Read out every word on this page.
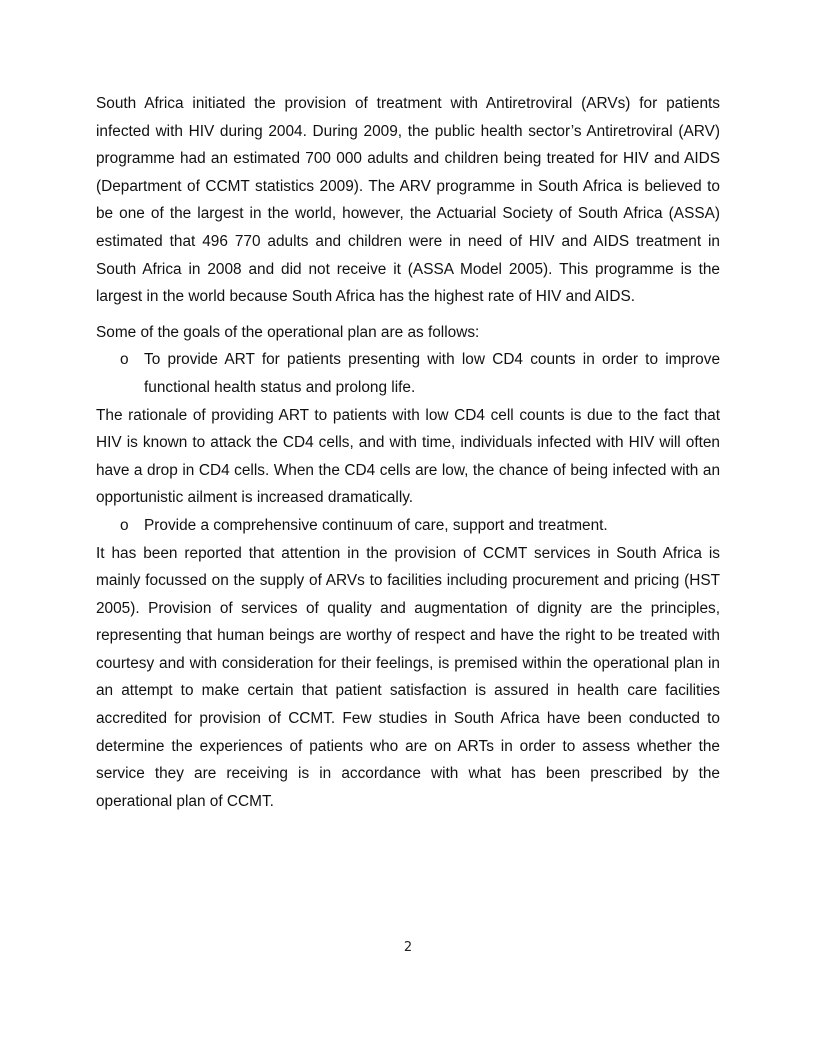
South Africa initiated the provision of treatment with Antiretroviral (ARVs) for patients infected with HIV during 2004. During 2009, the public health sector’s Antiretroviral (ARV) programme had an estimated 700 000 adults and children being treated for HIV and AIDS (Department of CCMT statistics 2009). The ARV programme in South Africa is believed to be one of the largest in the world, however, the Actuarial Society of South Africa (ASSA) estimated that 496 770 adults and children were in need of HIV and AIDS treatment in South Africa in 2008 and did not receive it (ASSA Model 2005). This programme is the largest in the world because South Africa has the highest rate of HIV and AIDS.

Some of the goals of the operational plan are as follows:

o To provide ART for patients presenting with low CD4 counts in order to improve functional health status and prolong life.

The rationale of providing ART to patients with low CD4 cell counts is due to the fact that HIV is known to attack the CD4 cells, and with time, individuals infected with HIV will often have a drop in CD4 cells. When the CD4 cells are low, the chance of being infected with an opportunistic ailment is increased dramatically.

o Provide a comprehensive continuum of care, support and treatment.

It has been reported that attention in the provision of CCMT services in South Africa is mainly focussed on the supply of ARVs to facilities including procurement and pricing (HST 2005). Provision of services of quality and augmentation of dignity are the principles, representing that human beings are worthy of respect and have the right to be treated with courtesy and with consideration for their feelings, is premised within the operational plan in an attempt to make certain that patient satisfaction is assured in health care facilities accredited for provision of CCMT. Few studies in South Africa have been conducted to determine the experiences of patients who are on ARTs in order to assess whether the service they are receiving is in accordance with what has been prescribed by the operational plan of CCMT.

2
